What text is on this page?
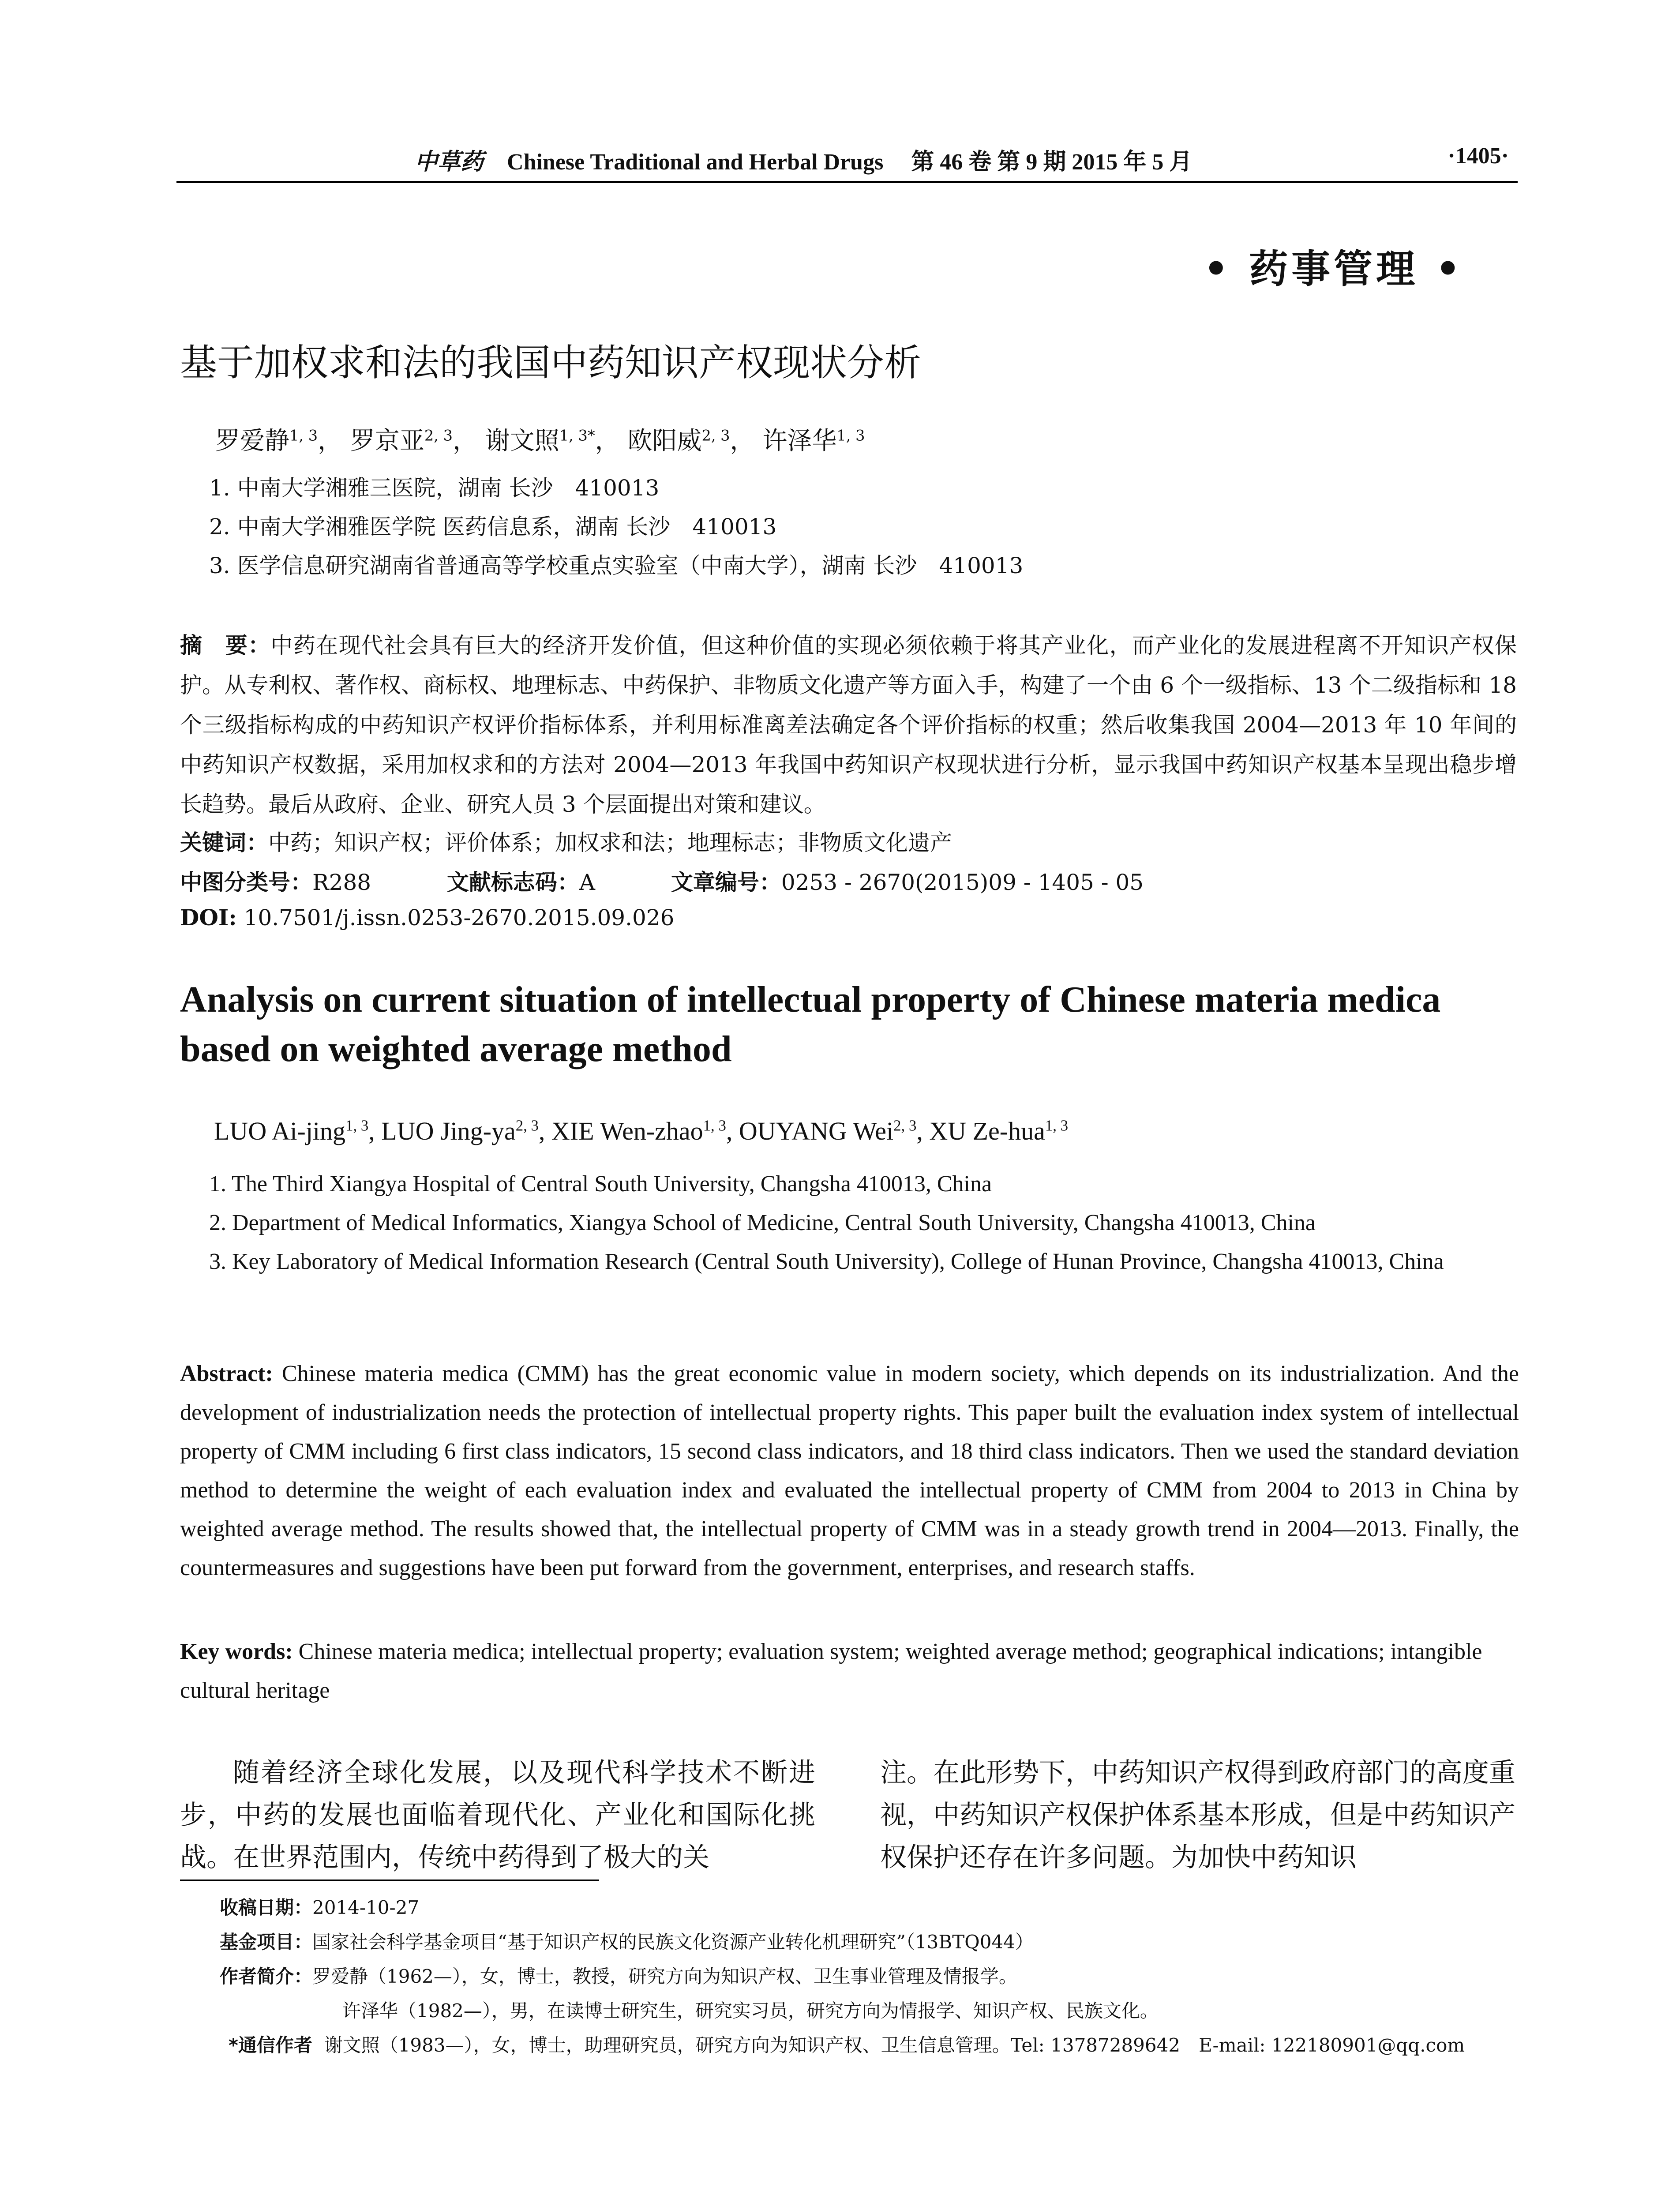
中草药 Chinese Traditional and Herbal Drugs 第 46 卷 第 9 期 2015 年 5 月	·1405·
• 药事管理 •
基于加权求和法的我国中药知识产权现状分析
罗爱静$^{1, 3}$， 罗京亚$^{2, 3}$， 谢文照$^{1, 3*}$， 欧阳威$^{2, 3}$， 许泽华$^{1, 3}$
1. 中南大学湘雅三医院，湖南 长沙　410013
2. 中南大学湘雅医学院 医药信息系，湖南 长沙　410013
3. 医学信息研究湖南省普通高等学校重点实验室（中南大学），湖南 长沙　410013
摘　要：中药在现代社会具有巨大的经济开发价值，但这种价值的实现必须依赖于将其产业化，而产业化的发展进程离不开知识产权保护。从专利权、著作权、商标权、地理标志、中药保护、非物质文化遗产等方面入手，构建了一个由 6 个一级指标、13 个二级指标和 18 个三级指标构成的中药知识产权评价指标体系，并利用标准离差法确定各个评价指标的权重；然后收集我国 2004—2013 年 10 年间的中药知识产权数据，采用加权求和的方法对 2004—2013 年我国中药知识产权现状进行分析，显示我国中药知识产权基本呈现出稳步增长趋势。最后从政府、企业、研究人员 3 个层面提出对策和建议。
关键词：中药；知识产权；评价体系；加权求和法；地理标志；非物质文化遗产
中图分类号：R288	文献标志码：A	文章编号：0253 - 2670(2015)09 - 1405 - 05
DOI: 10.7501/j.issn.0253-2670.2015.09.026
Analysis on current situation of intellectual property of Chinese materia medica based on weighted average method
LUO Ai-jing$^{1, 3}$, LUO Jing-ya$^{2, 3}$, XIE Wen-zhao$^{1, 3}$, OUYANG Wei$^{2, 3}$, XU Ze-hua$^{1, 3}$
1. The Third Xiangya Hospital of Central South University, Changsha 410013, China
2. Department of Medical Informatics, Xiangya School of Medicine, Central South University, Changsha 410013, China
3. Key Laboratory of Medical Information Research (Central South University), College of Hunan Province, Changsha 410013, China
Abstract: Chinese materia medica (CMM) has the great economic value in modern society, which depends on its industrialization. And the development of industrialization needs the protection of intellectual property rights. This paper built the evaluation index system of intellectual property of CMM including 6 first class indicators, 15 second class indicators, and 18 third class indicators. Then we used the standard deviation method to determine the weight of each evaluation index and evaluated the intellectual property of CMM from 2004 to 2013 in China by weighted average method. The results showed that, the intellectual property of CMM was in a steady growth trend in 2004—2013. Finally, the countermeasures and suggestions have been put forward from the government, enterprises, and research staffs.
Key words: Chinese materia medica; intellectual property; evaluation system; weighted average method; geographical indications; intangible cultural heritage
随着经济全球化发展，以及现代科学技术不断进步，中药的发展也面临着现代化、产业化和国际化挑战。在世界范围内，传统中药得到了极大的关
注。在此形势下，中药知识产权得到政府部门的高度重视，中药知识产权保护体系基本形成，但是中药知识产权保护还存在许多问题。为加快中药知识
收稿日期：2014-10-27
基金项目：国家社会科学基金项目“基于知识产权的民族文化资源产业转化机理研究”（13BTQ044）
作者简介：罗爱静（1962—），女，博士，教授，研究方向为知识产权、卫生事业管理及情报学。
许泽华（1982—），男，在读博士研究生，研究实习员，研究方向为情报学、知识产权、民族文化。
*通信作者 谢文照（1983—），女，博士，助理研究员，研究方向为知识产权、卫生信息管理。Tel: 13787289642　E-mail: 122180901@qq.com
